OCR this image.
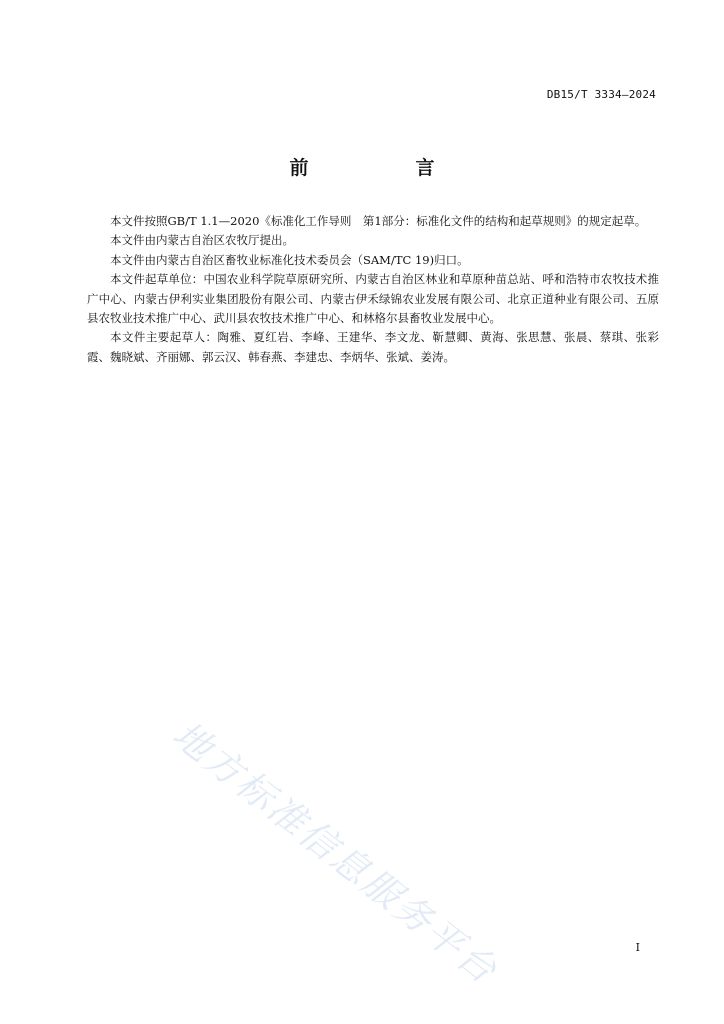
DB15/T 3334—2024
前　言

本文件按照GB/T 1.1—2020《标准化工作导则　第1部分：标准化文件的结构和起草规则》的规定起草。

本文件由内蒙古自治区农牧厅提出。

本文件由内蒙古自治区畜牧业标准化技术委员会（SAM/TC 19)归口。

本文件起草单位：中国农业科学院草原研究所、内蒙古自治区林业和草原种苗总站、呼和浩特市农牧技术推广中心、内蒙古伊利实业集团股份有限公司、内蒙古伊禾绿锦农业发展有限公司、北京正道种业有限公司、五原县农牧业技术推广中心、武川县农牧技术推广中心、和林格尔县畜牧业发展中心。

本文件主要起草人：陶雅、夏红岩、李峰、王建华、李文龙、靳慧卿、黄海、张思慧、张晨、蔡琪、张彩霞、魏晓斌、齐丽娜、郭云汉、韩春燕、李建忠、李炳华、张斌、姜涛。

地方标准信息服务平台	I
